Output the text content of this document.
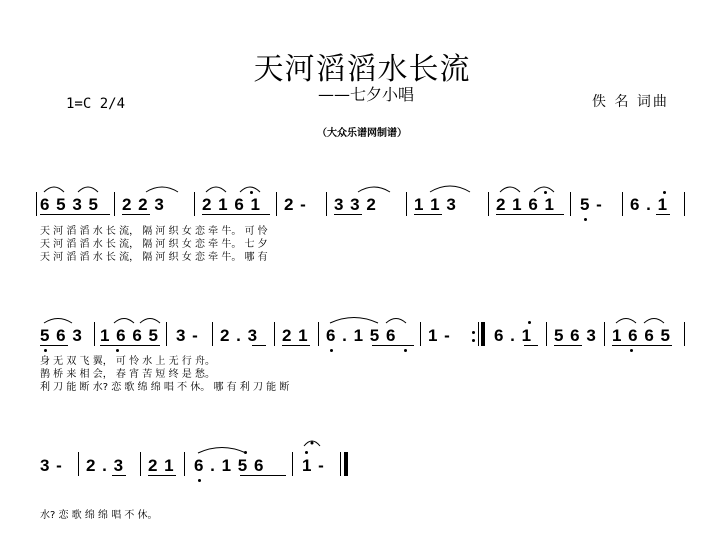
天河滔滔水长流
——七夕小唱
1=C 2/4	佚 名 词曲
（大众乐谱网制谱）
6 5 3 5 2 2 3 2 1 6 1 2 - 3 3 2 1 1 3 2 1 6 1 5 - 6 . 1
天 河 滔 滔 水 长 流， 隔 河 织 女 恋 牵 牛。 可 怜
天 河 滔 滔 水 长 流， 隔 河 织 女 恋 牵 牛。 七 夕
天 河 滔 滔 水 长 流， 隔 河 织 女 恋 牵 牛。 哪 有
5 6 3 1 6 6 5 3 - 2 . 3 2 1 6 . 1 5 6 1 -	6 . 1 5 6 3 1 6 6 5
身 无 双 飞 翼， 可 怜 水 上 无 行 舟。
鹊 桥 来 相 会， 春 宵 苦 短 终 是 愁。
利 刀 能 断 水? 恋 歌 绵 绵 唱 不 休。 哪 有 利 刀 能 断
3 - 2 . 3 2 1 6 . 1 5 6 1 -
水? 恋 歌 绵 绵 唱 不 休。
